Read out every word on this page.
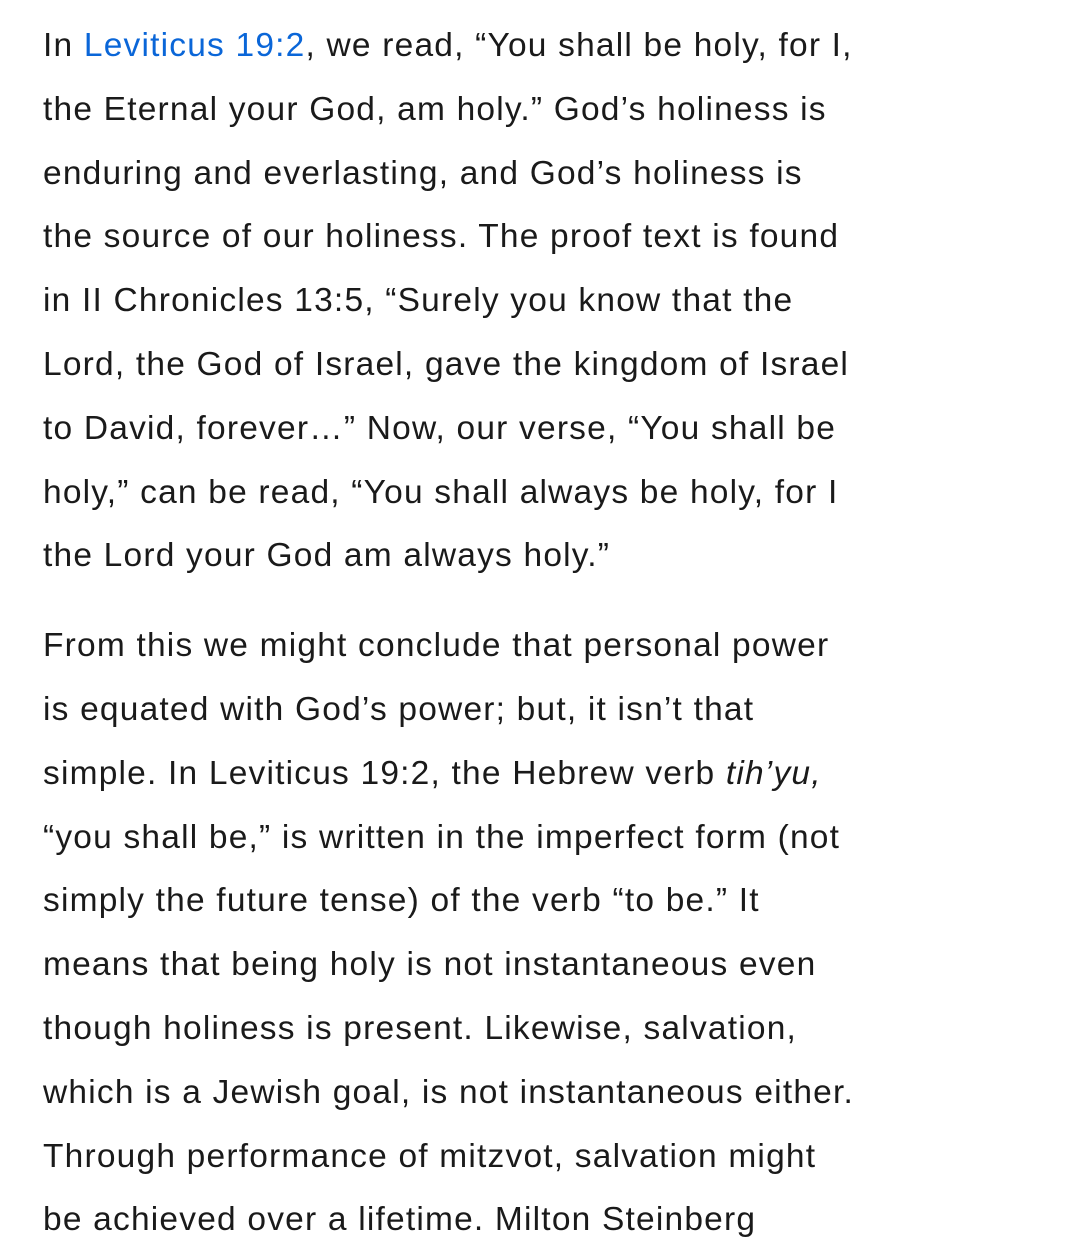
In Leviticus 19:2, we read, “You shall be holy, for I,
the Eternal your God, am holy.” God’s holiness is
enduring and everlasting, and God’s holiness is
the source of our holiness. The proof text is found
in II Chronicles 13:5, “Surely you know that the
Lord, the God of Israel, gave the kingdom of Israel
to David, forever…” Now, our verse, “You shall be
holy,” can be read, “You shall always be holy, for I
the Lord your God am always holy.”

From this we might conclude that personal power
is equated with God’s power; but, it isn’t that
simple. In Leviticus 19:2, the Hebrew verb tih’yu,
“you shall be,” is written in the imperfect form (not
simply the future tense) of the verb “to be.” It
means that being holy is not instantaneous even
though holiness is present. Likewise, salvation,
which is a Jewish goal, is not instantaneous either.
Through performance of mitzvot, salvation might
be achieved over a lifetime. Milton Steinberg
